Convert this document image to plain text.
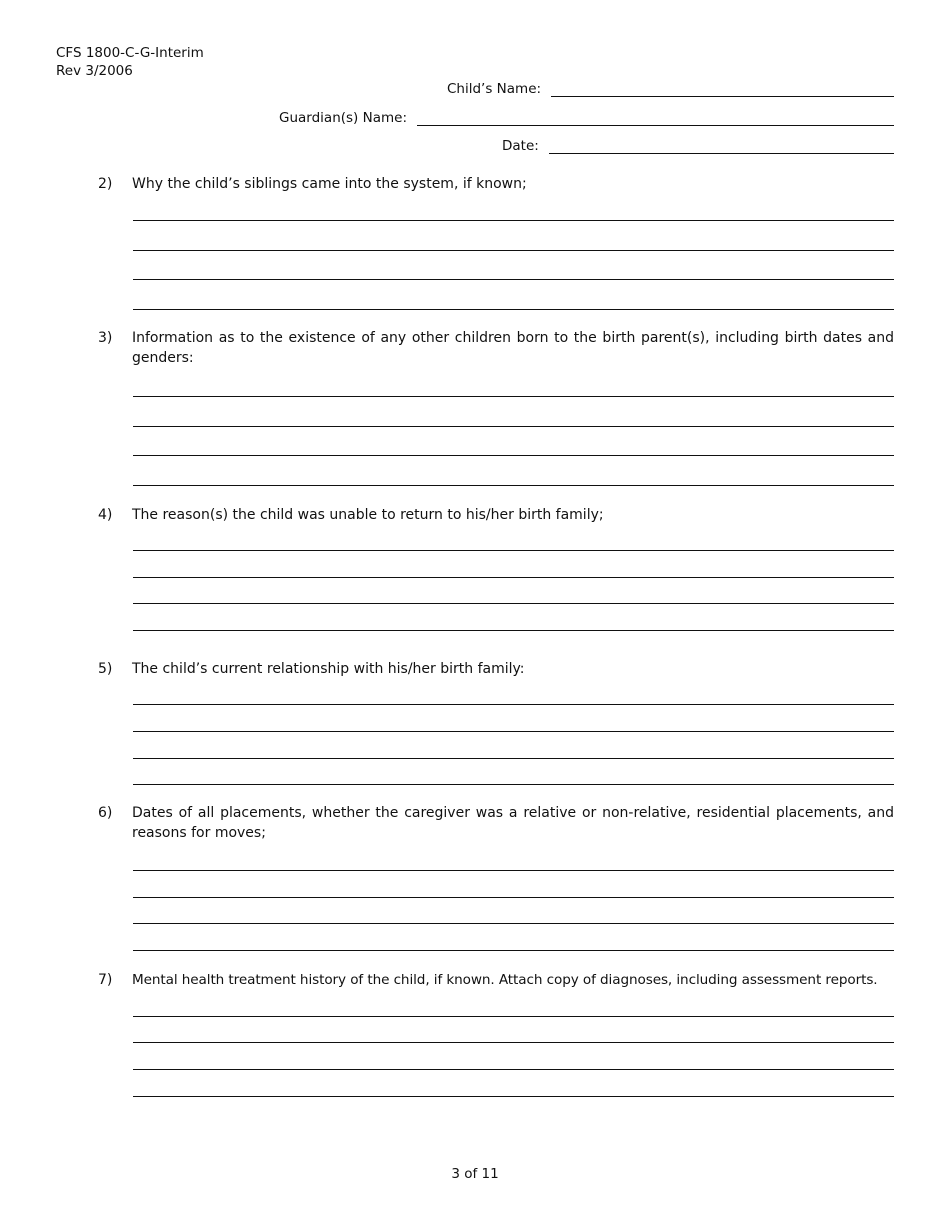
CFS 1800-C-G-Interim
Rev 3/2006
Child’s Name:
Guardian(s) Name:
Date:
2) Why the child’s siblings came into the system, if known;
3) Information as to the existence of any other children born to the birth parent(s), including birth dates and genders:
4) The reason(s) the child was unable to return to his/her birth family;
5) The child’s current relationship with his/her birth family:
6) Dates of all placements, whether the caregiver was a relative or non-relative, residential placements, and reasons for moves;
7) Mental health treatment history of the child, if known. Attach copy of diagnoses, including assessment reports.
3 of 11
